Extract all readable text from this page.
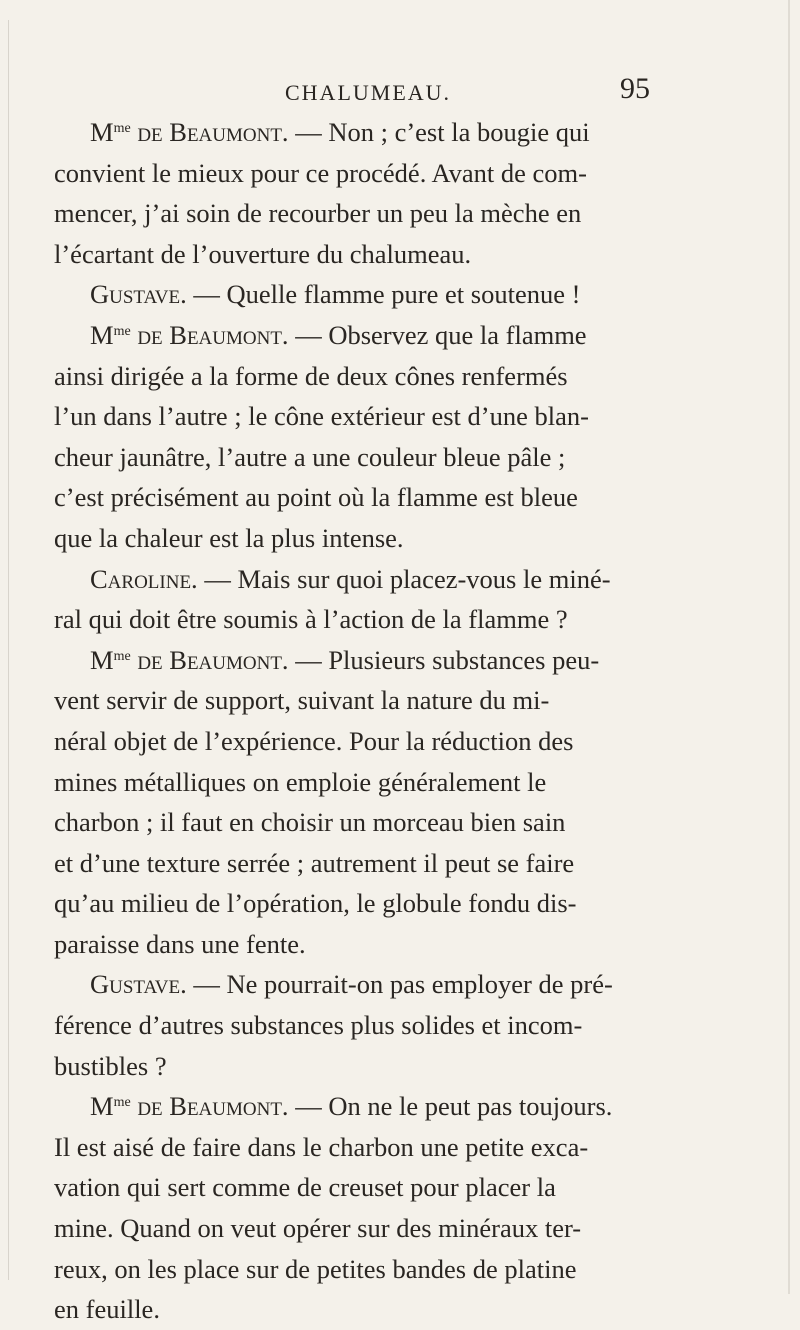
CHALUMEAU.	95
$M^{me}$ de Beaumont. — Non ; c’est la bougie qui
convient le mieux pour ce procédé. Avant de com-
mencer, j’ai soin de recourber un peu la mèche en
l’écartant de l’ouverture du chalumeau.
Gustave. — Quelle flamme pure et soutenue !
$M^{me}$ de Beaumont. — Observez que la flamme
ainsi dirigée a la forme de deux cônes renfermés
l’un dans l’autre ; le cône extérieur est d’une blan-
cheur jaunâtre, l’autre a une couleur bleue pâle ;
c’est précisément au point où la flamme est bleue
que la chaleur est la plus intense.
Caroline. — Mais sur quoi placez-vous le miné-
ral qui doit être soumis à l’action de la flamme ?
$M^{me}$ de Beaumont. — Plusieurs substances peu-
vent servir de support, suivant la nature du mi-
néral objet de l’expérience. Pour la réduction des
mines métalliques on emploie généralement le
charbon ; il faut en choisir un morceau bien sain
et d’une texture serrée ; autrement il peut se faire
qu’au milieu de l’opération, le globule fondu dis-
paraisse dans une fente.
Gustave. — Ne pourrait-on pas employer de pré-
férence d’autres substances plus solides et incom-
bustibles ?
$M^{me}$ de Beaumont. — On ne le peut pas toujours.
Il est aisé de faire dans le charbon une petite exca-
vation qui sert comme de creuset pour placer la
mine. Quand on veut opérer sur des minéraux ter-
reux, on les place sur de petites bandes de platine
en feuille.
